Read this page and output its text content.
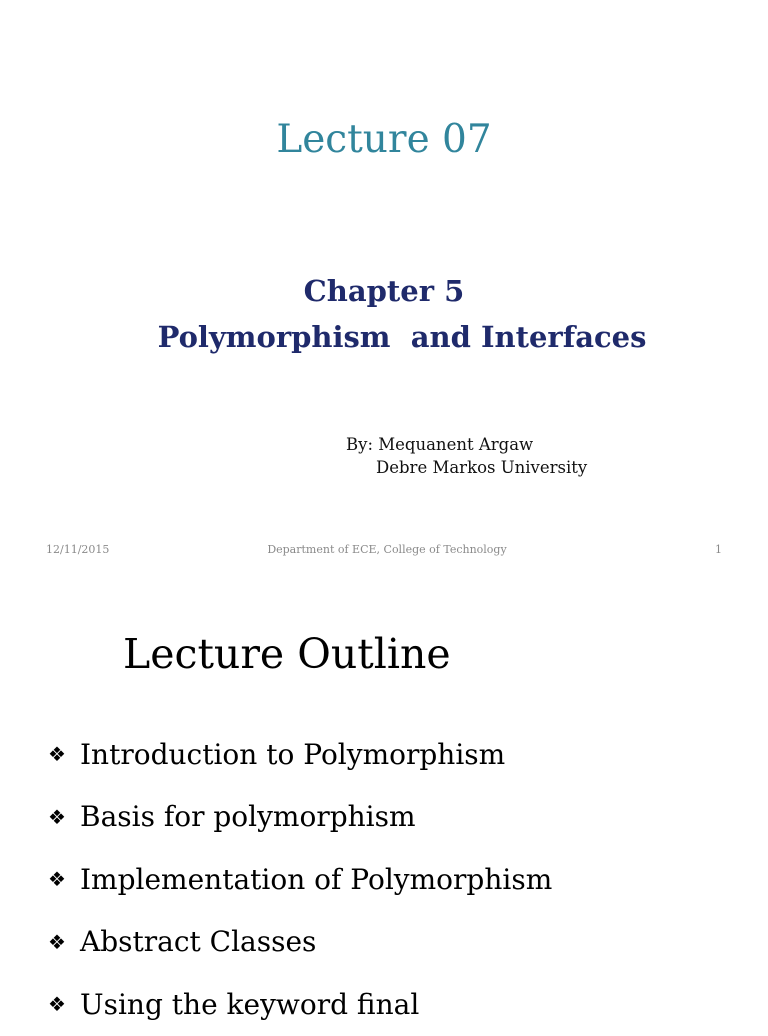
Lecture 07
Chapter 5
Polymorphism  and Interfaces
By: Mequanent Argaw
Debre Markos University
12/11/2015	Department of ECE, College of Technology	1
Lecture Outline
❖ Introduction to Polymorphism
❖ Basis for polymorphism
❖ Implementation of Polymorphism
❖ Abstract Classes
❖ Using the keyword final
